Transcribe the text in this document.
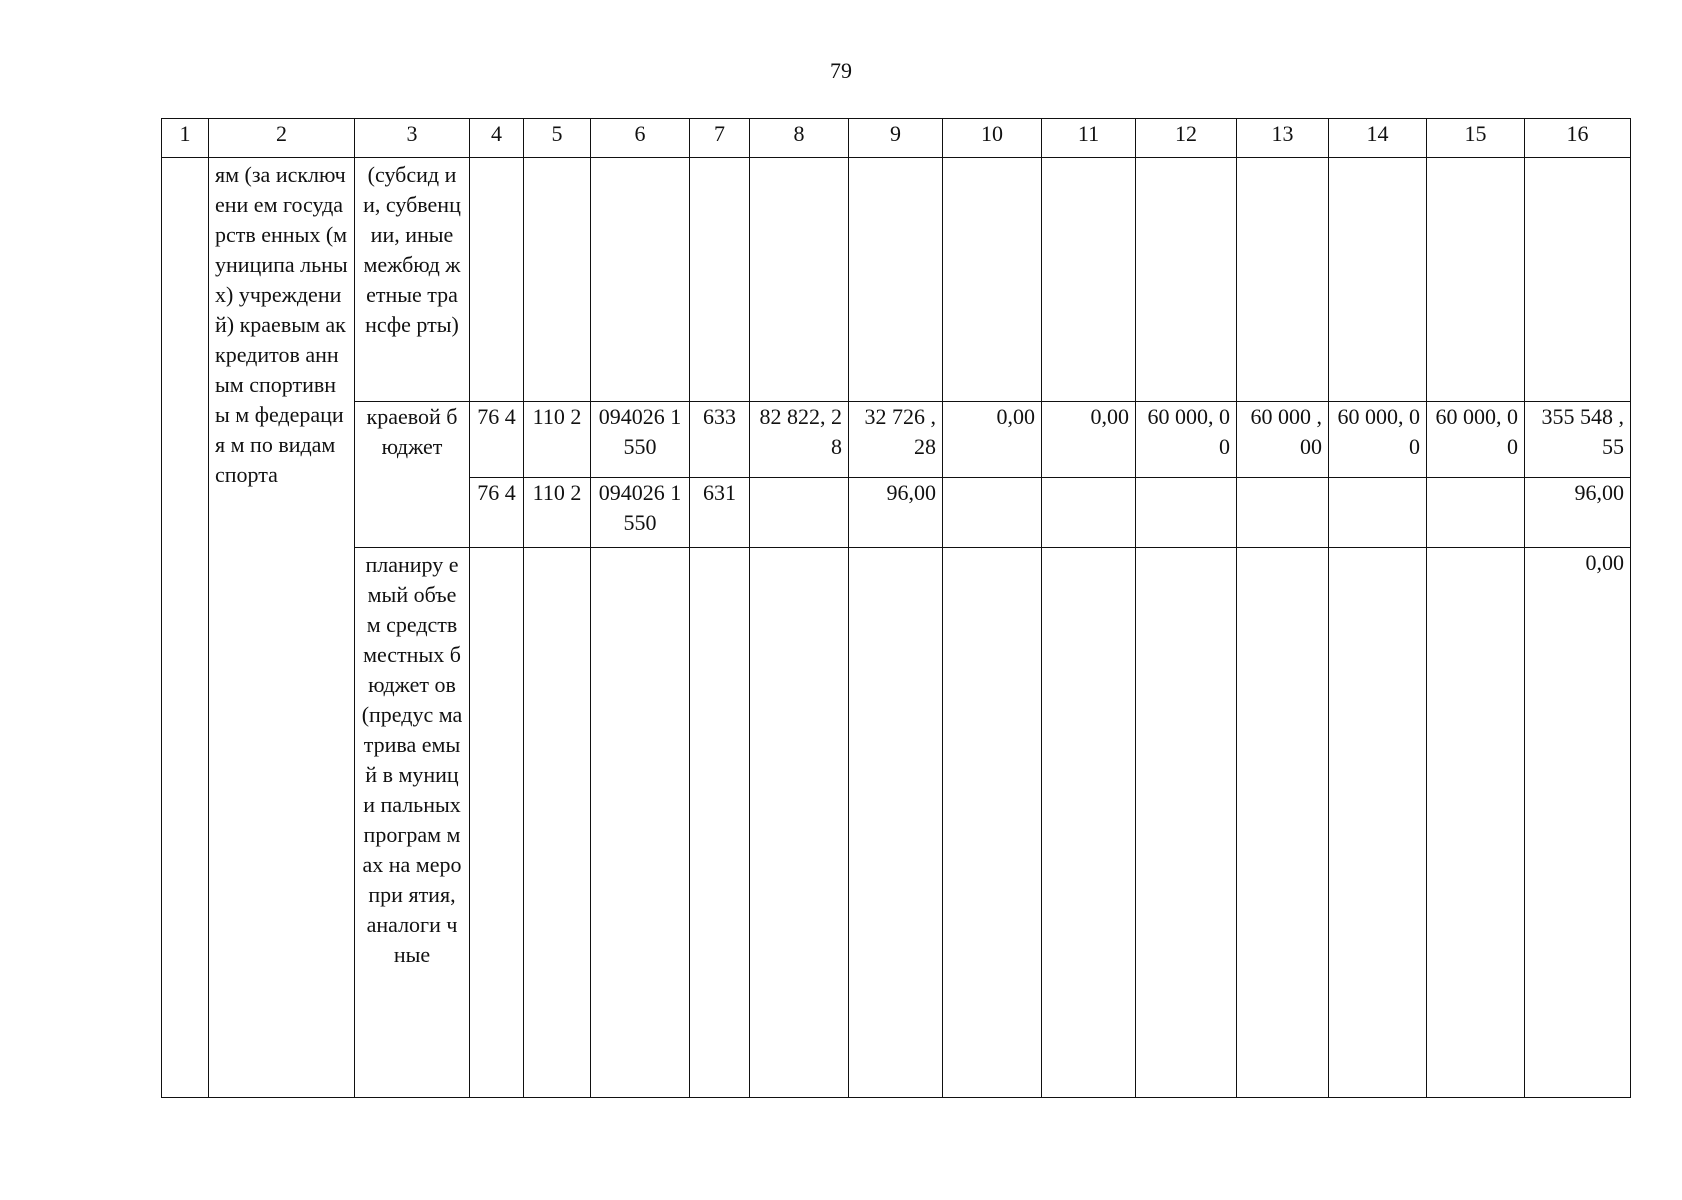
79
1	2	3	4	5	6	7	8	9	10	11	12	13	14	15	16
	ям (за исключени ем государств енных (муниципа льных) учреждени й) краевым аккредитов анным спортивны м федерация м по видам спорта	(субсид ии, субвенц ии, иные межбюд жетные трансфе рты)													
		краевой бюджет	76 4	110 2	094026 1550	633	82 822, 28	32 726 ,28	0,00	0,00	60 000, 00	60 000 ,00	60 000, 00	60 000, 00	355 548 ,55
			76 4	110 2	094026 1550	631		96,00							96,00
		планиру емый объем средств местных бюджет ов (предус матрива емый в муници пальных програм мах на меропри ятия, аналоги чные													0,00
